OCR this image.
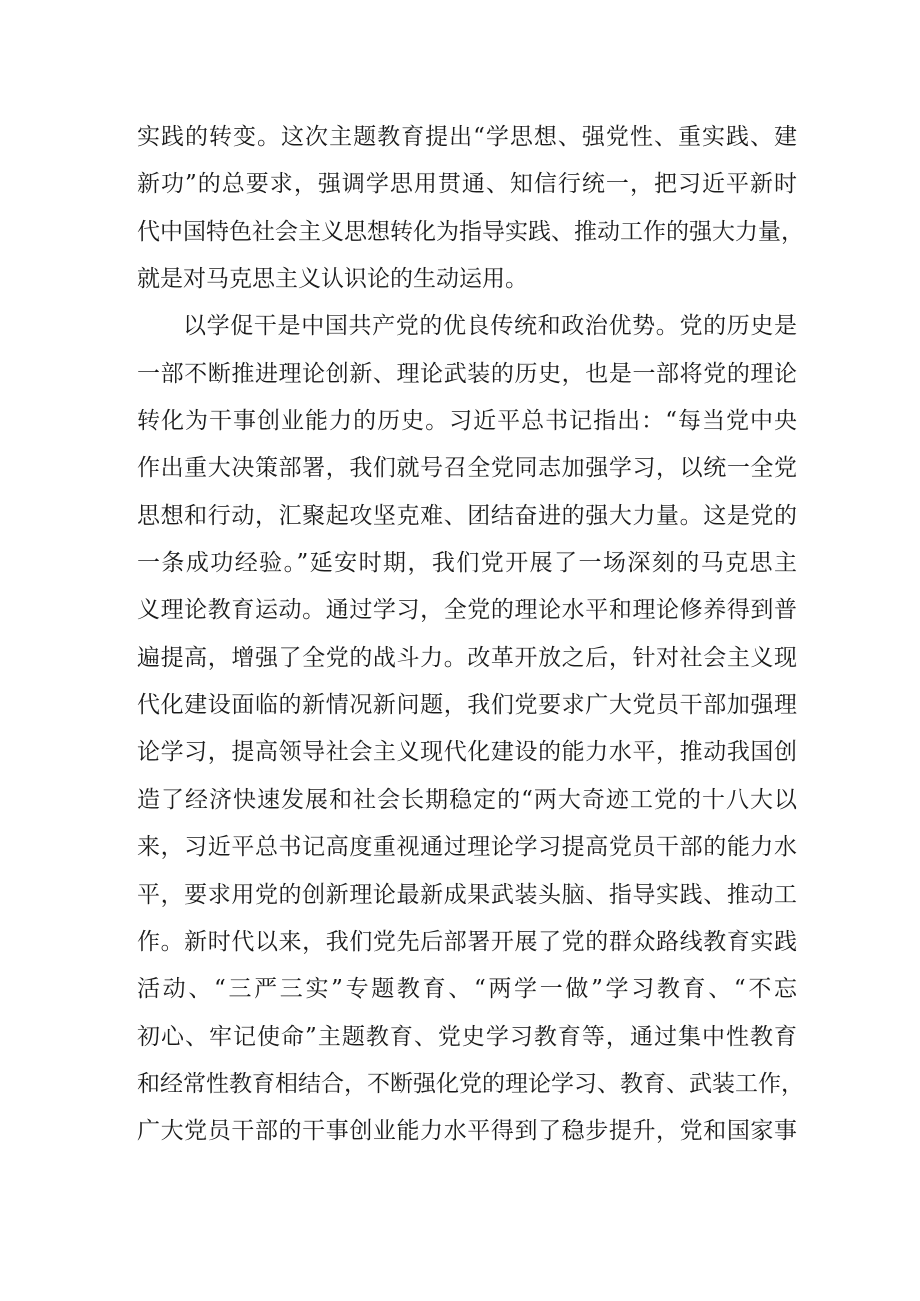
实践的转变。这次主题教育提出“学思想、强党性、重实践、建
新功”的总要求，强调学思用贯通、知信行统一，把习近平新时
代中国特色社会主义思想转化为指导实践、推动工作的强大力量，
就是对马克思主义认识论的生动运用。
以学促干是中国共产党的优良传统和政治优势。党的历史是
一部不断推进理论创新、理论武装的历史，也是一部将党的理论
转化为干事创业能力的历史。习近平总书记指出：“每当党中央
作出重大决策部署，我们就号召全党同志加强学习，以统一全党
思想和行动，汇聚起攻坚克难、团结奋进的强大力量。这是党的
一条成功经验。”延安时期，我们党开展了一场深刻的马克思主
义理论教育运动。通过学习，全党的理论水平和理论修养得到普
遍提高，增强了全党的战斗力。改革开放之后，针对社会主义现
代化建设面临的新情况新问题，我们党要求广大党员干部加强理
论学习，提高领导社会主义现代化建设的能力水平，推动我国创
造了经济快速发展和社会长期稳定的“两大奇迹工党的十八大以
来，习近平总书记高度重视通过理论学习提高党员干部的能力水
平，要求用党的创新理论最新成果武装头脑、指导实践、推动工
作。新时代以来，我们党先后部署开展了党的群众路线教育实践
活动、“三严三实”专题教育、“两学一做”学习教育、“不忘
初心、牢记使命”主题教育、党史学习教育等，通过集中性教育
和经常性教育相结合，不断强化党的理论学习、教育、武装工作，
广大党员干部的干事创业能力水平得到了稳步提升，党和国家事
